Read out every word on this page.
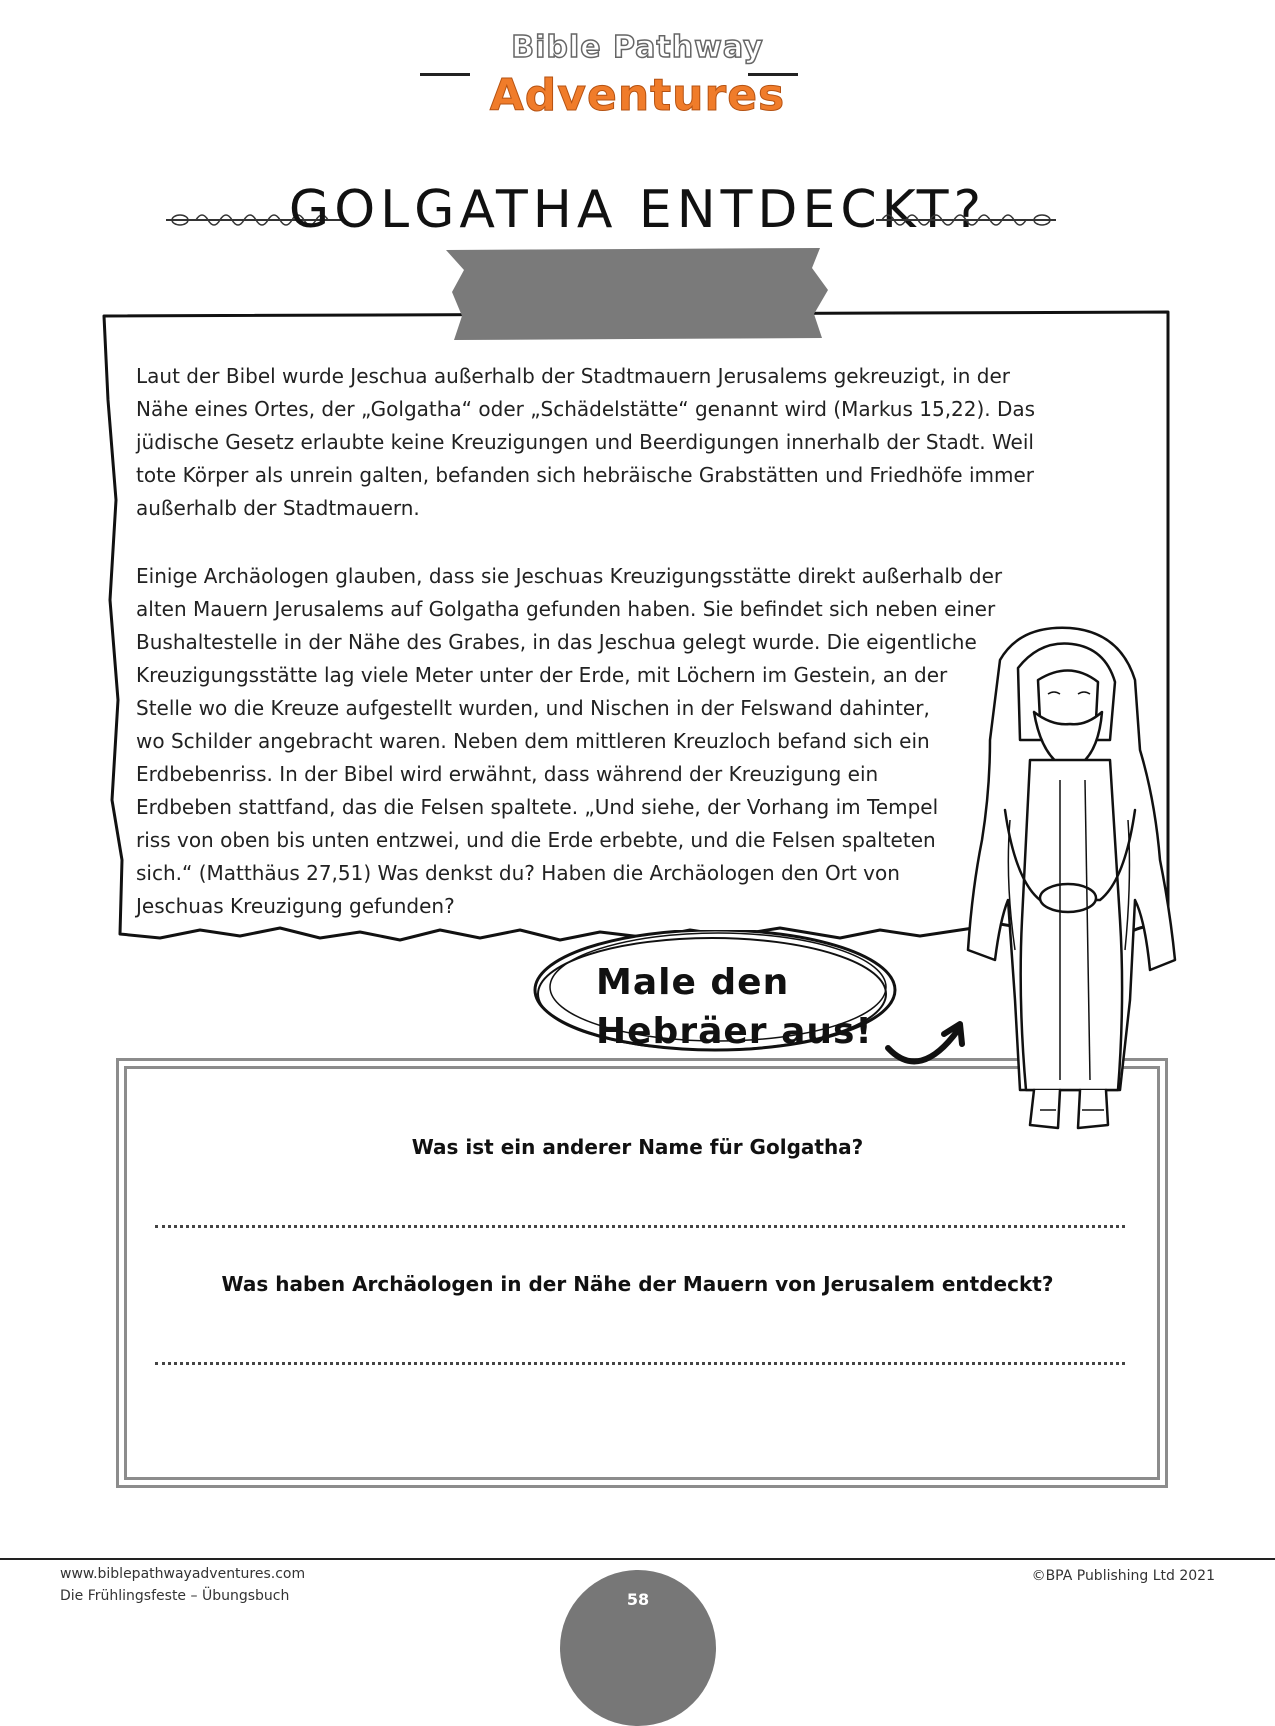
Bible Pathway
Adventures
GOLGATHA ENTDECKT?

Laut der Bibel wurde Jeschua außerhalb der Stadtmauern Jerusalems gekreuzigt, in der Nähe eines Ortes, der „Golgatha“ oder „Schädelstätte“ genannt wird (Markus 15,22). Das jüdische Gesetz erlaubte keine Kreuzigungen und Beerdigungen innerhalb der Stadt. Weil tote Körper als unrein galten, befanden sich hebräische Grabstätten und Friedhöfe immer außerhalb der Stadtmauern.

Einige Archäologen glauben, dass sie Jeschuas Kreuzigungsstätte direkt außerhalb der
alten Mauern Jerusalems auf Golgatha gefunden haben. Sie befindet sich neben einer
Bushaltestelle in der Nähe des Grabes, in das Jeschua gelegt wurde. Die eigentliche
Kreuzigungsstätte lag viele Meter unter der Erde, mit Löchern im Gestein, an der
Stelle wo die Kreuze aufgestellt wurden, und Nischen in der Felswand dahinter,
wo Schilder angebracht waren. Neben dem mittleren Kreuzloch befand sich ein
Erdbebenriss. In der Bibel wird erwähnt, dass während der Kreuzigung ein
Erdbeben stattfand, das die Felsen spaltete. „Und siehe, der Vorhang im Tempel
riss von oben bis unten entzwei, und die Erde erbebte, und die Felsen spalteten
sich.“ (Matthäus 27,51) Was denkst du? Haben die Archäologen den Ort von
Jeschuas Kreuzigung gefunden?
Was ist ein anderer Name für Golgatha?
Was haben Archäologen in der Nähe der Mauern von Jerusalem entdeckt?
Male den
Hebräer aus!
www.biblepathwayadventures.com
Die Frühlingsfeste – Übungsbuch
©BPA Publishing Ltd 2021
58
